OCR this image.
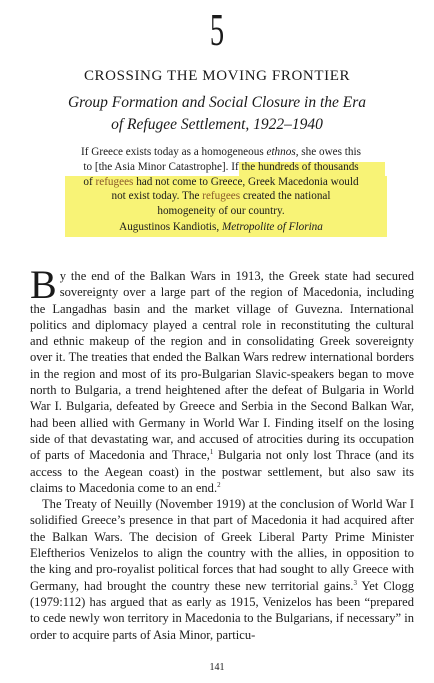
5
CROSSING THE MOVING FRONTIER
Group Formation and Social Closure in the Era
of Refugee Settlement, 1922–1940
If Greece exists today as a homogeneous ethnos, she owes this
to [the Asia Minor Catastrophe]. If the hundreds of thousands
of refugees had not come to Greece, Greek Macedonia would
not exist today. The refugees created the national
homogeneity of our country.
Augustinos Kandiotis, Metropolite of Florina

By the end of the Balkan Wars in 1913, the Greek state had secured sovereignty over a large part of the region of Macedonia, including the Langadhas basin and the market village of Guvezna. International politics and diplomacy played a central role in reconstituting the cultural and ethnic makeup of the region and in consolidating Greek sovereignty over it. The treaties that ended the Balkan Wars redrew international borders in the region and most of its pro-Bulgarian Slavic-speakers began to move north to Bulgaria, a trend heightened after the defeat of Bulgaria in World War I. Bulgaria, defeated by Greece and Serbia in the Second Balkan War, had been allied with Germany in World War I. Finding itself on the losing side of that devastating war, and accused of atrocities during its occupation of parts of Macedonia and Thrace,$^1$ Bulgaria not only lost Thrace (and its access to the Aegean coast) in the postwar settlement, but also saw its claims to Macedonia come to an end.$^2$

The Treaty of Neuilly (November 1919) at the conclusion of World War I solidified Greece’s presence in that part of Macedonia it had acquired after the Balkan Wars. The decision of Greek Liberal Party Prime Minister Eleftherios Venizelos to align the country with the allies, in opposition to the king and pro-royalist political forces that had sought to ally Greece with Germany, had brought the country these new territorial gains.$^3$ Yet Clogg (1979:112) has argued that as early as 1915, Venizelos has been “prepared to cede newly won territory in Macedonia to the Bulgarians, if necessary” in order to acquire parts of Asia Minor, particu-

141
